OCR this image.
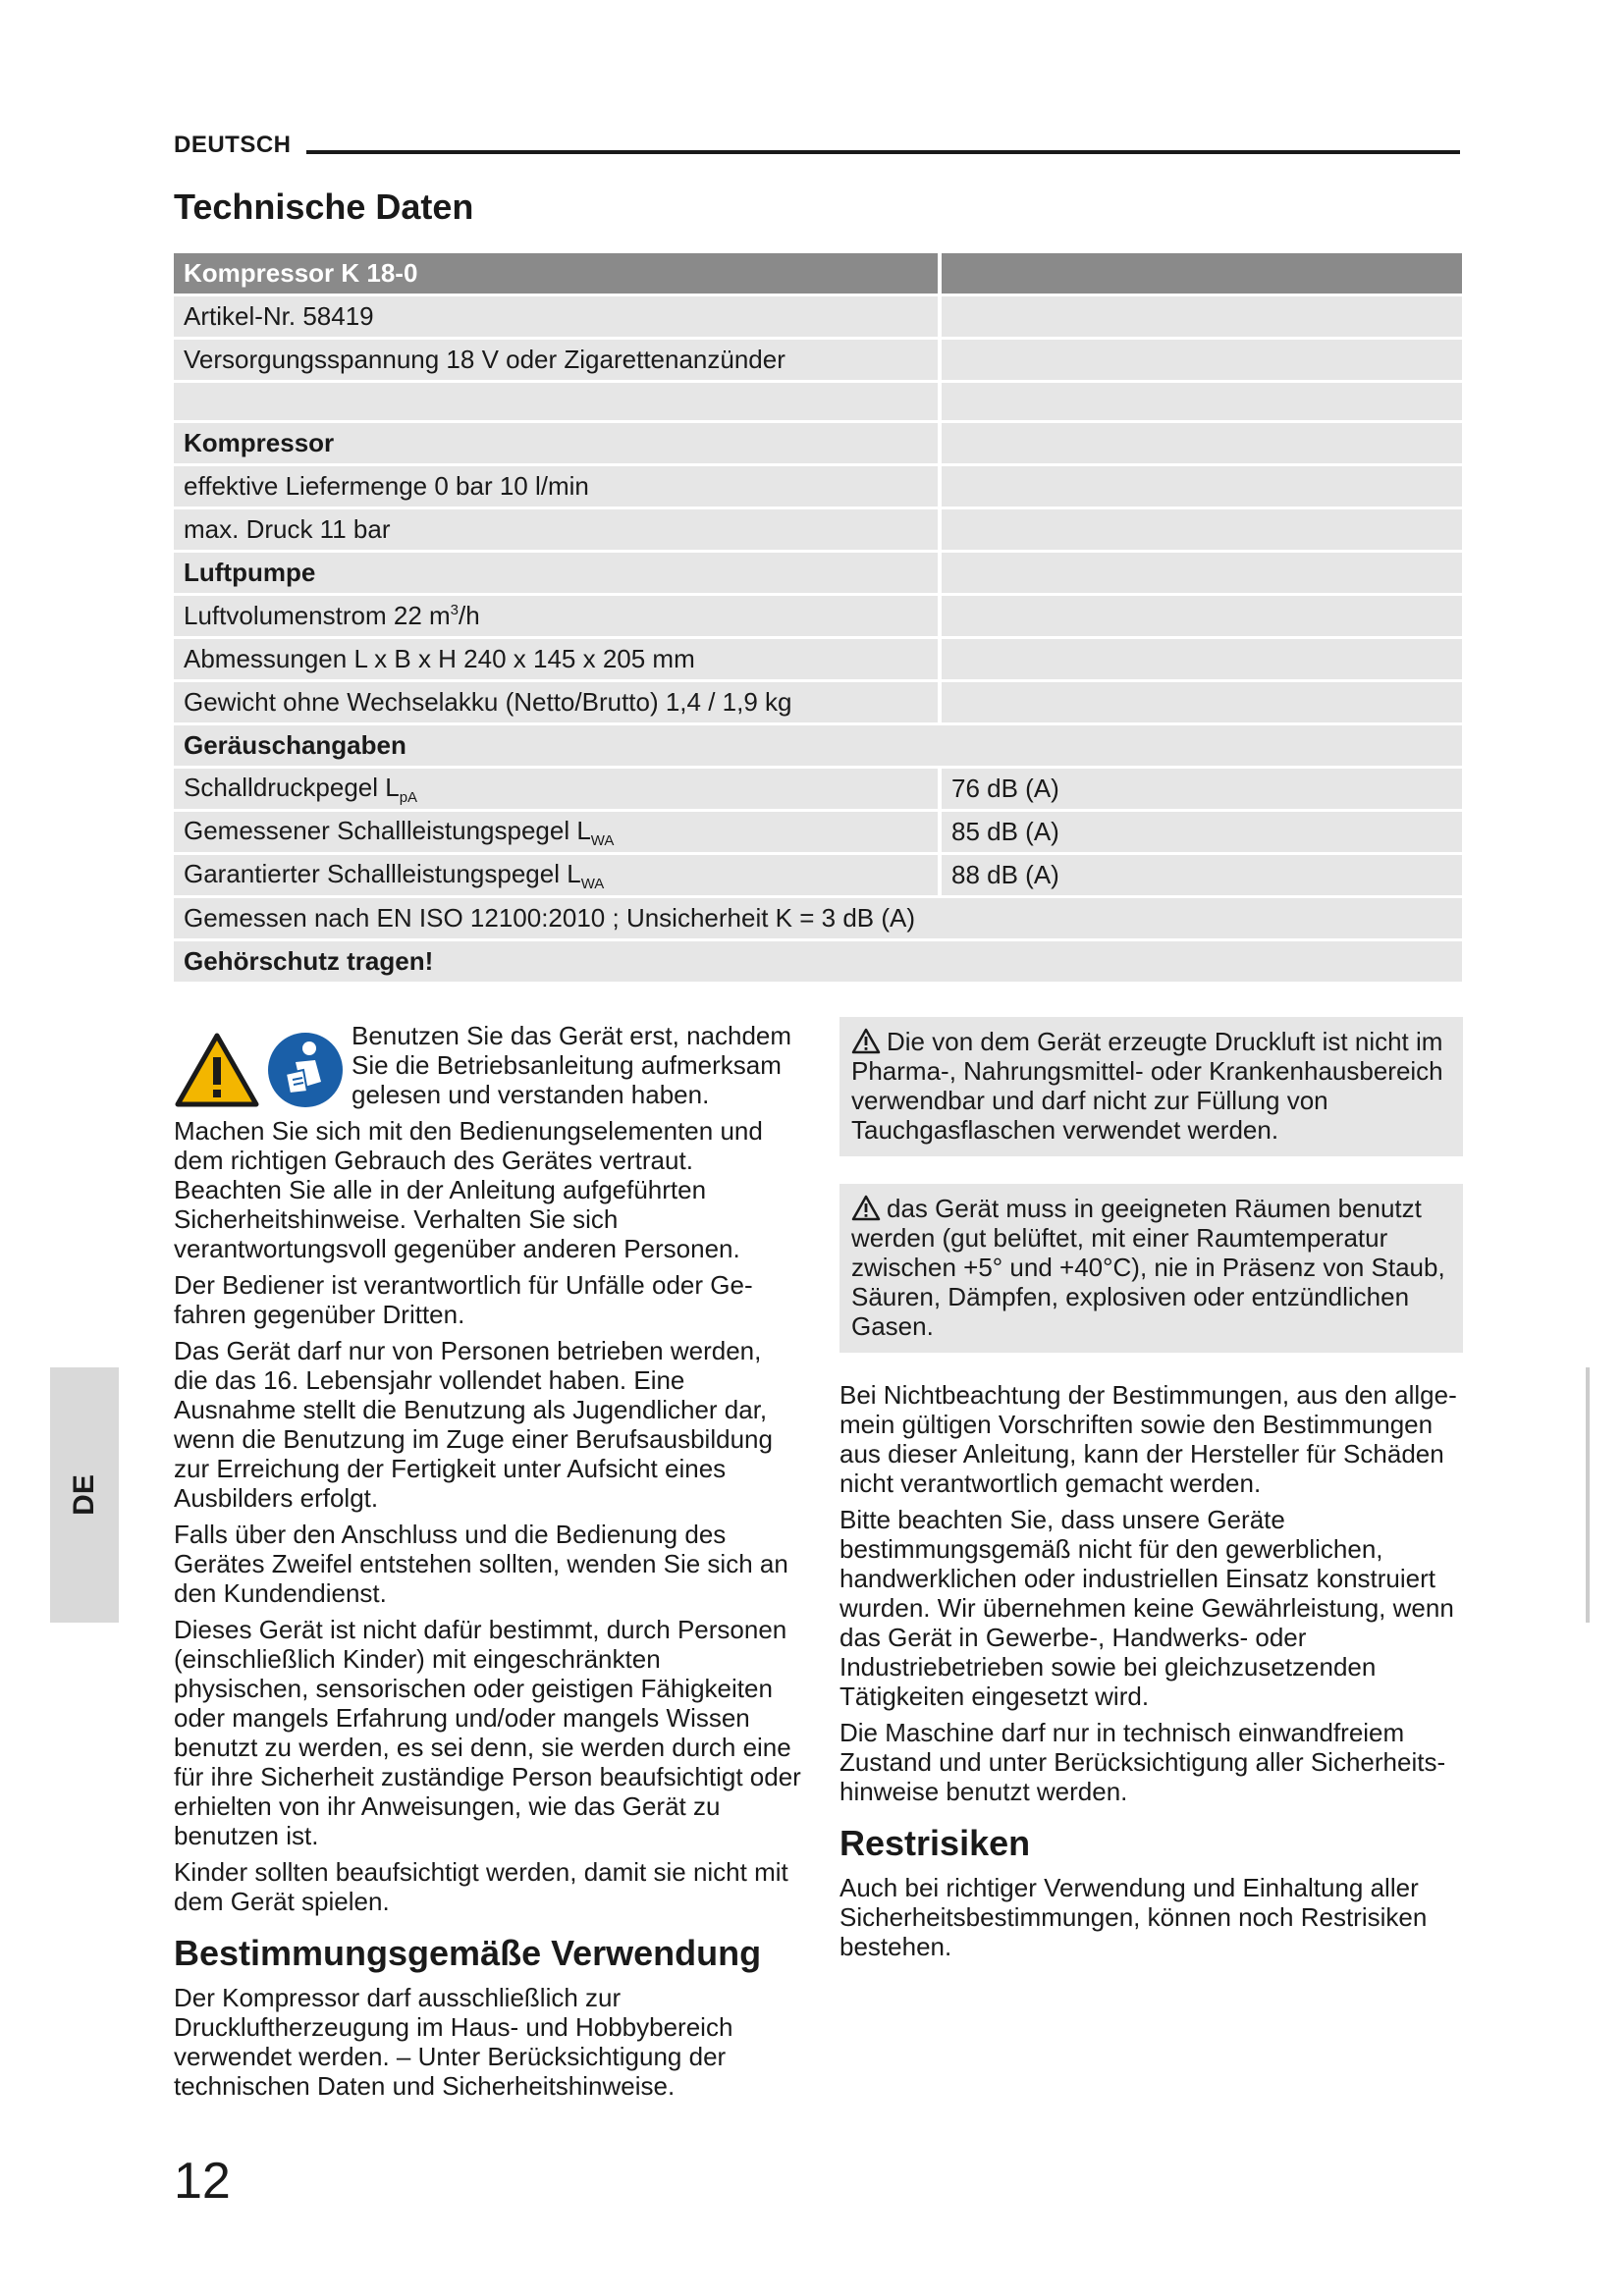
DEUTSCH
Technische Daten
Kompressor K 18-0	
Artikel-Nr. 58419	
Versorgungsspannung 18 V oder Zigarettenanzünder	

Kompressor	
effektive Liefermenge 0 bar 10 l/min	
max. Druck 11 bar	
Luftpumpe	
Luftvolumenstrom 22 $m^3/h$	
Abmessungen L x B x H 240 x 145 x 205 mm	
Gewicht ohne Wechselakku (Netto/Brutto) 1,4 / 1,9 kg	
Geräuschangaben	
Schalldruckpegel $L_{pA}$	76 dB (A)
Gemessener Schallleistungspegel $L_{WA}$	85 dB (A)
Garantierter Schallleistungspegel $L_{WA}$	88 dB (A)
Gemessen nach EN ISO 12100:2010 ; Unsicherheit K = 3 dB (A)	
Gehörschutz tragen!	

Benutzen Sie das Gerät erst, nachdem Sie die Betriebsanleitung aufmerksam gelesen und verstanden haben.

Machen Sie sich mit den Bedienungselementen und dem richtigen Gebrauch des Gerätes vertraut. Beachten Sie alle in der Anleitung aufgeführten Sicherheitshinweise. Verhalten Sie sich verantwortungsvoll gegenüber anderen Personen.

Der Bediener ist verantwortlich für Unfälle oder Gefahren gegenüber Dritten.

Das Gerät darf nur von Personen betrieben werden, die das 16. Lebensjahr vollendet haben. Eine Ausnahme stellt die Benutzung als Jugendlicher dar, wenn die Benutzung im Zuge einer Berufsausbildung zur Erreichung der Fertigkeit unter Aufsicht eines Ausbilders erfolgt.

Falls über den Anschluss und die Bedienung des Gerätes Zweifel entstehen sollten, wenden Sie sich an den Kundendienst.

Dieses Gerät ist nicht dafür bestimmt, durch Personen (einschließlich Kinder) mit eingeschränkten physischen, sensorischen oder geistigen Fähigkeiten oder mangels Erfahrung und/oder mangels Wissen benutzt zu werden, es sei denn, sie werden durch eine für ihre Sicherheit zuständige Person beaufsichtigt oder erhielten von ihr Anweisungen, wie das Gerät zu benutzen ist.

Kinder sollten beaufsichtigt werden, damit sie nicht mit dem Gerät spielen.

Bestimmungsgemäße Verwendung

Der Kompressor darf ausschließlich zur Druckluftherzeugung im Haus- und Hobbybereich verwendet werden. – Unter Berücksichtigung der technischen Daten und Sicherheitshinweise.

Die von dem Gerät erzeugte Druckluft ist nicht im Pharma-, Nahrungsmittel- oder Krankenhausbereich verwendbar und darf nicht zur Füllung von Tauchgasflaschen verwendet werden.
das Gerät muss in geeigneten Räumen benutzt werden (gut belüftet, mit einer Raumtemperatur zwischen +5° und +40°C), nie in Präsenz von Staub, Säuren, Dämpfen, explosiven oder entzündlichen Gasen.

Bei Nichtbeachtung der Bestimmungen, aus den allgemein gültigen Vorschriften sowie den Bestimmungen aus dieser Anleitung, kann der Hersteller für Schäden nicht verantwortlich gemacht werden.

Bitte beachten Sie, dass unsere Geräte bestimmungsgemäß nicht für den gewerblichen, handwerklichen oder industriellen Einsatz konstruiert wurden. Wir übernehmen keine Gewährleistung, wenn das Gerät in Gewerbe-, Handwerks- oder Industriebetrieben sowie bei gleichzusetzenden Tätigkeiten eingesetzt wird.

Die Maschine darf nur in technisch einwandfreiem Zustand und unter Berücksichtigung aller Sicherheitshinweise benutzt werden.

Restrisiken

Auch bei richtiger Verwendung und Einhaltung aller Sicherheitsbestimmungen, können noch Restrisiken bestehen.

DE
12
